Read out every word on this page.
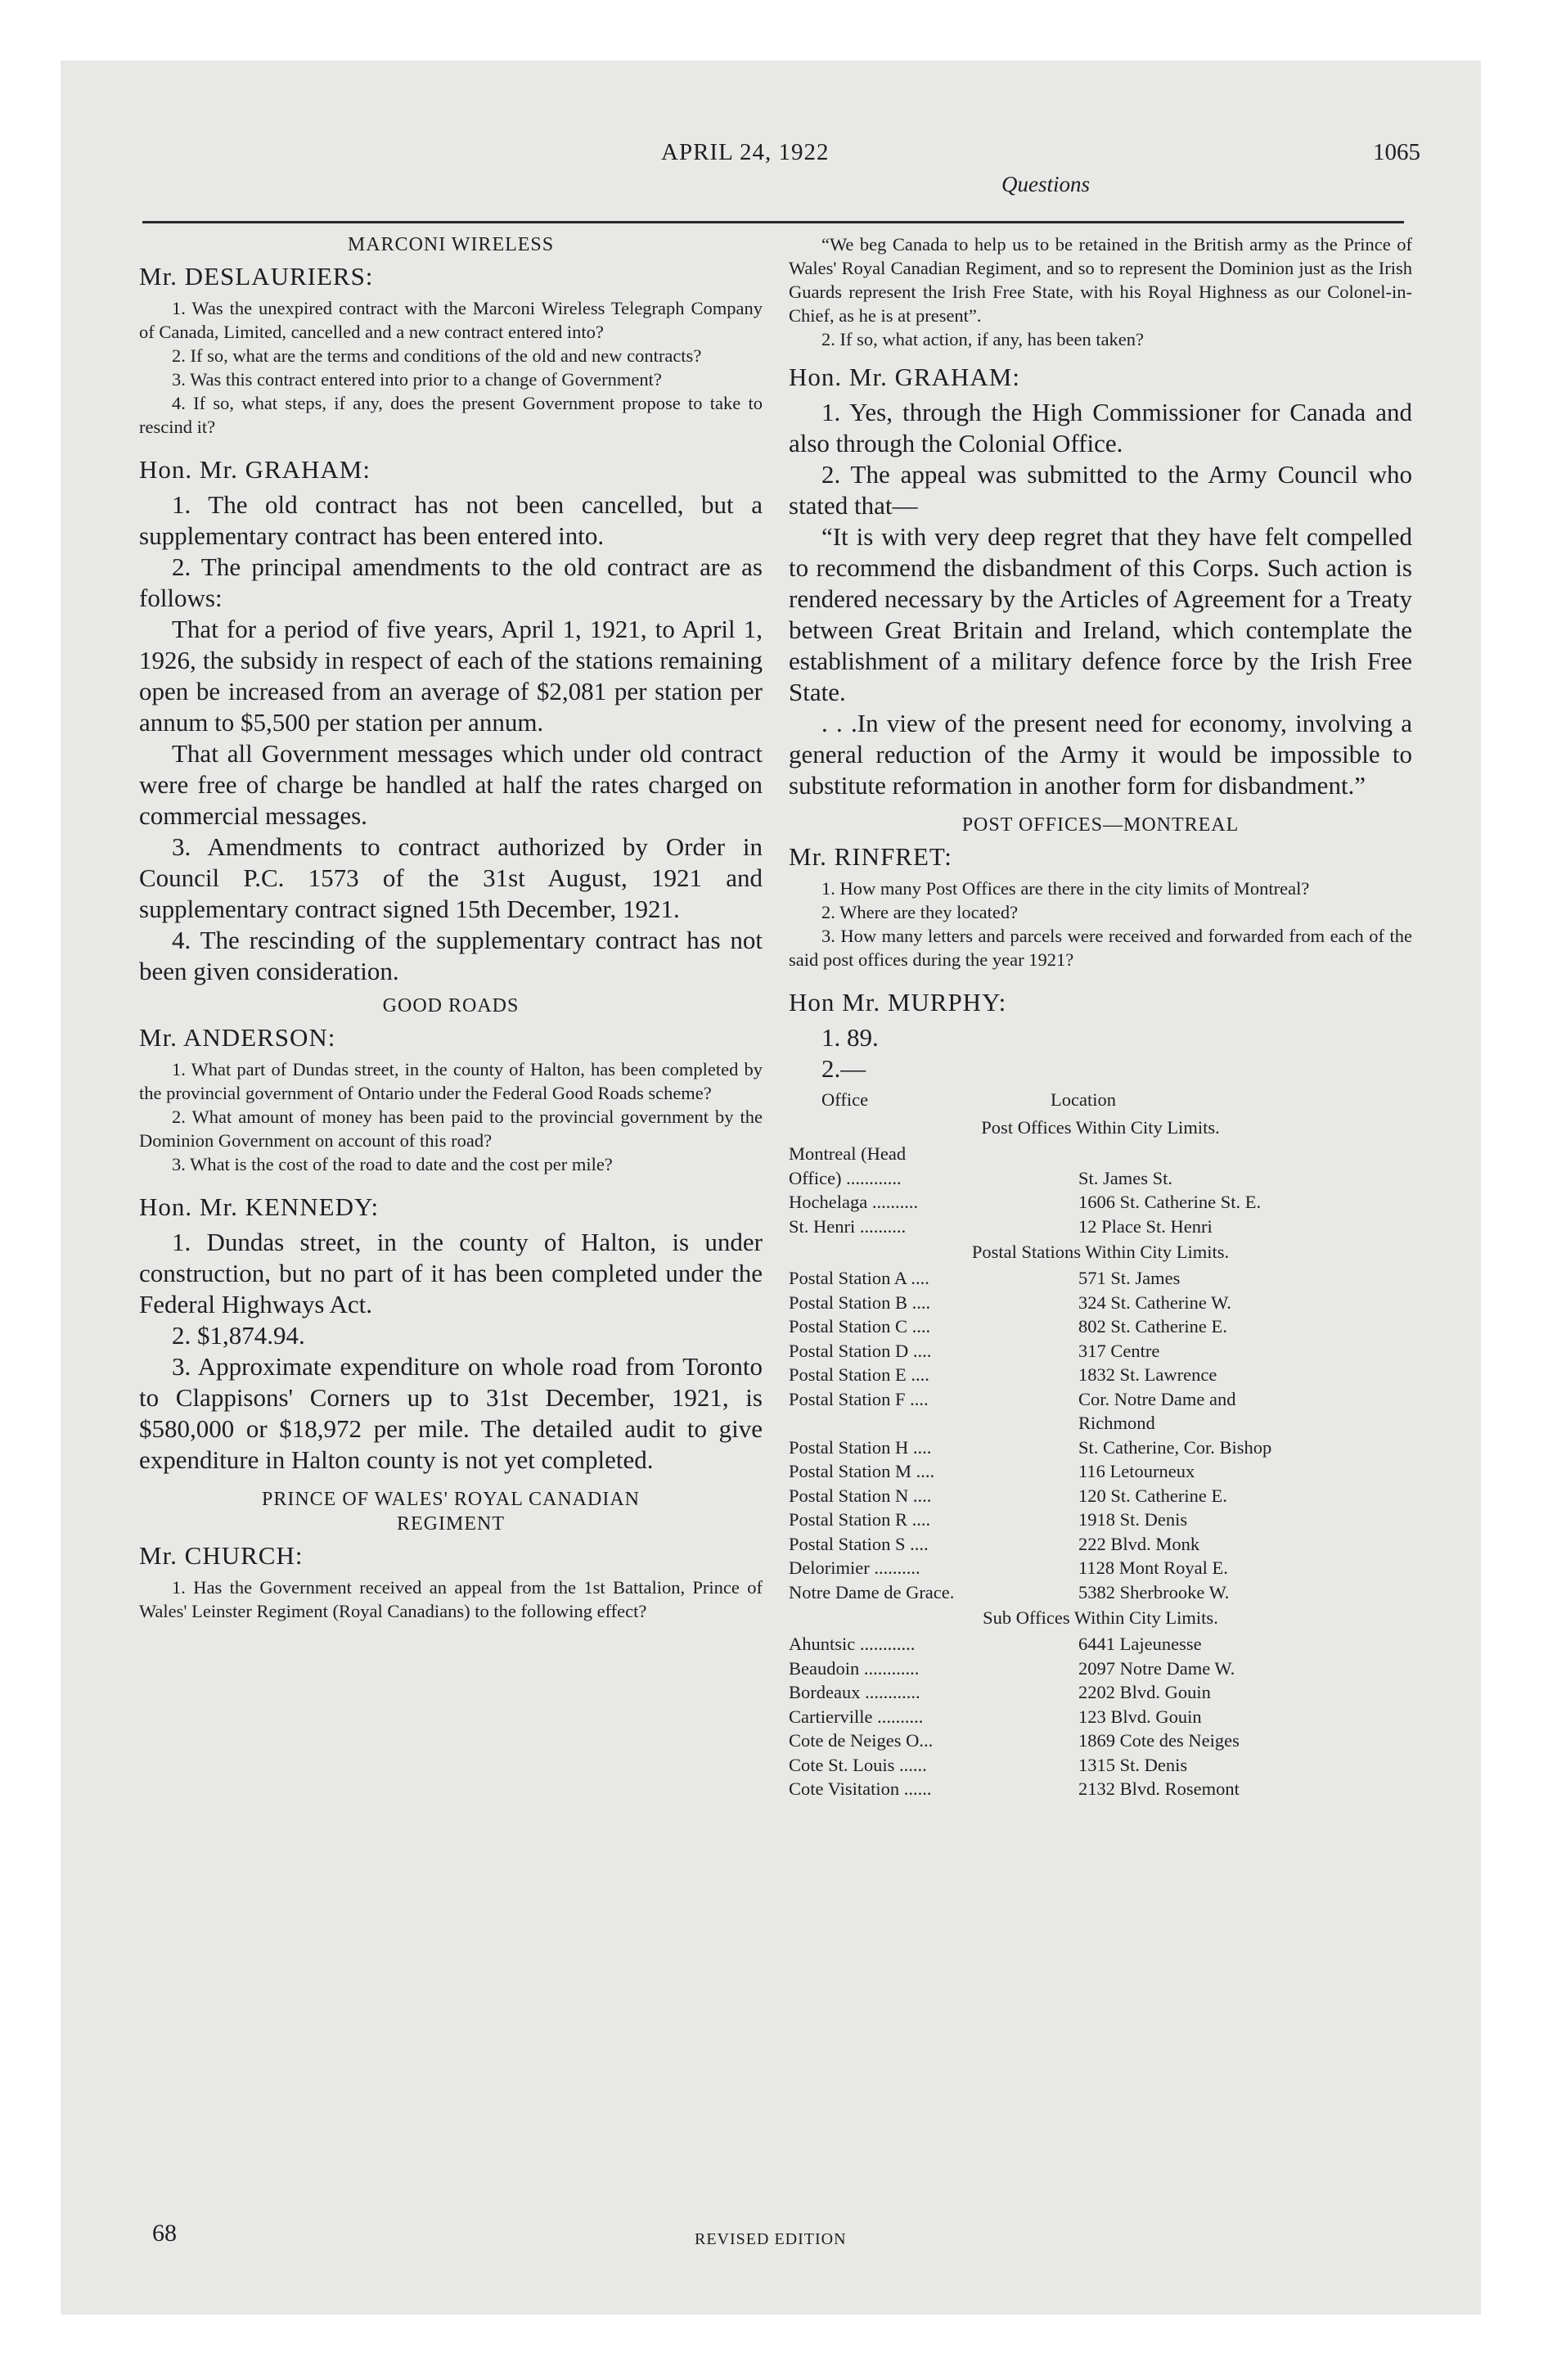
APRIL 24, 1922	1065
Questions

MARCONI WIRELESS

Mr. DESLAURIERS:

1. Was the unexpired contract with the Marconi Wireless Telegraph Company of Canada, Limited, cancelled and a new contract entered into?

2. If so, what are the terms and conditions of the old and new contracts?

3. Was this contract entered into prior to a change of Government?

4. If so, what steps, if any, does the present Government propose to take to rescind it?

Hon. Mr. GRAHAM:

1. The old contract has not been cancelled, but a supplementary contract has been entered into.

2. The principal amendments to the old contract are as follows:

That for a period of five years, April 1, 1921, to April 1, 1926, the subsidy in respect of each of the stations remaining open be increased from an average of $2,081 per station per annum to $5,500 per station per annum.

That all Government messages which under old contract were free of charge be handled at half the rates charged on commercial messages.

3. Amendments to contract authorized by Order in Council P.C. 1573 of the 31st August, 1921 and supplementary contract signed 15th December, 1921.

4. The rescinding of the supplementary contract has not been given consideration.

GOOD ROADS

Mr. ANDERSON:

1. What part of Dundas street, in the county of Halton, has been completed by the provincial government of Ontario under the Federal Good Roads scheme?

2. What amount of money has been paid to the provincial government by the Dominion Government on account of this road?

3. What is the cost of the road to date and the cost per mile?

Hon. Mr. KENNEDY:

1. Dundas street, in the county of Halton, is under construction, but no part of it has been completed under the Federal Highways Act.

2. $1,874.94.

3. Approximate expenditure on whole road from Toronto to Clappisons' Corners up to 31st December, 1921, is $580,000 or $18,972 per mile. The detailed audit to give expenditure in Halton county is not yet completed.

PRINCE OF WALES' ROYAL CANADIAN

REGIMENT

Mr. CHURCH:

1. Has the Government received an appeal from the 1st Battalion, Prince of Wales' Leinster Regiment (Royal Canadians) to the following effect?

“We beg Canada to help us to be retained in the British army as the Prince of Wales' Royal Canadian Regiment, and so to represent the Dominion just as the Irish Guards represent the Irish Free State, with his Royal Highness as our Colonel-in-Chief, as he is at present”.

2. If so, what action, if any, has been taken?

Hon. Mr. GRAHAM:

1. Yes, through the High Commissioner for Canada and also through the Colonial Office.

2. The appeal was submitted to the Army Council who stated that—

“It is with very deep regret that they have felt compelled to recommend the disbandment of this Corps. Such action is rendered necessary by the Articles of Agreement for a Treaty between Great Britain and Ireland, which contemplate the establishment of a military defence force by the Irish Free State.

. . .In view of the present need for economy, involving a general reduction of the Army it would be impossible to substitute reformation in another form for disbandment.”

POST OFFICES—MONTREAL

Mr. RINFRET:

1. How many Post Offices are there in the city limits of Montreal?

2. Where are they located?

3. How many letters and parcels were received and forwarded from each of the said post offices during the year 1921?

Hon Mr. MURPHY:

1. 89.

2.—

Office	Location

Post Offices Within City Limits.

Montreal (Head
Office) ............	St. James St.
Hochelaga ..........	1606 St. Catherine St. E.
St. Henri ..........	12 Place St. Henri

Postal Stations Within City Limits.

Postal Station A ....	571 St. James
Postal Station B ....	324 St. Catherine W.
Postal Station C ....	802 St. Catherine E.
Postal Station D ....	317 Centre
Postal Station E ....	1832 St. Lawrence
Postal Station F ....	Cor. Notre Dame and
Richmond
Postal Station H ....	St. Catherine, Cor. Bishop
Postal Station M ....	116 Letourneux
Postal Station N ....	120 St. Catherine E.
Postal Station R ....	1918 St. Denis
Postal Station S ....	222 Blvd. Monk
Delorimier ..........	1128 Mont Royal E.
Notre Dame de Grace.	5382 Sherbrooke W.

Sub Offices Within City Limits.

Ahuntsic ............	6441 Lajeunesse
Beaudoin ............	2097 Notre Dame W.
Bordeaux ............	2202 Blvd. Gouin
Cartierville ..........	123 Blvd. Gouin
Cote de Neiges O...	1869 Cote des Neiges
Cote St. Louis ......	1315 St. Denis
Cote Visitation ......	2132 Blvd. Rosemont
68	REVISED EDITION
